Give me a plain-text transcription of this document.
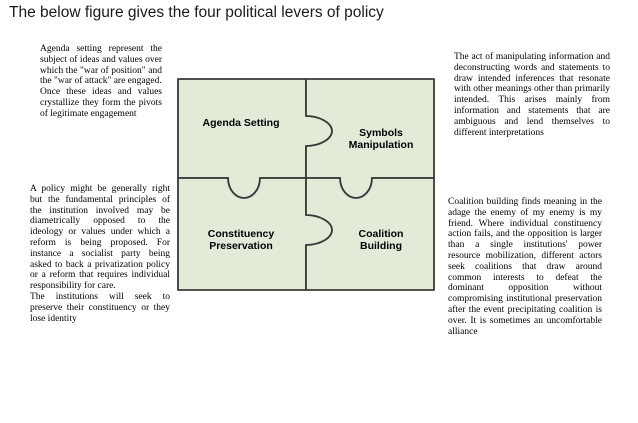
The below figure gives the four political levers of policy

Agenda setting represent the subject of ideas and values over which the "war of position" and the "war of attack" are engaged.

Once these ideas and values crystallize they form the pivots of legitimate engagement

A policy might be generally right but the fundamental principles of the institution involved may be diametrically opposed to the ideology or values under which a reform is being proposed. For instance a socialist party being asked to back a privatization policy or a reform that requires individual responsibility for care.

The institutions will seek to preserve their constituency or they lose identity

The act of manipulating information and deconstructing words and statements to draw intended inferences that resonate with other meanings other than primarily intended. This arises mainly from information and statements that are ambiguous and lend themselves to different interpretations

Coalition building finds meaning in the adage the enemy of my enemy is my friend. Where individual constituency action fails, and the opposition is larger than a single institutions' power resource mobilization, different actors seek coalitions that draw around common interests to defeat the dominant opposition without compromising institutional preservation after the event precipitating coalition is over. It is sometimes an uncomfortable alliance

Agenda Setting
Symbols
Manipulation
Constituency
Preservation
Coalition
Building
